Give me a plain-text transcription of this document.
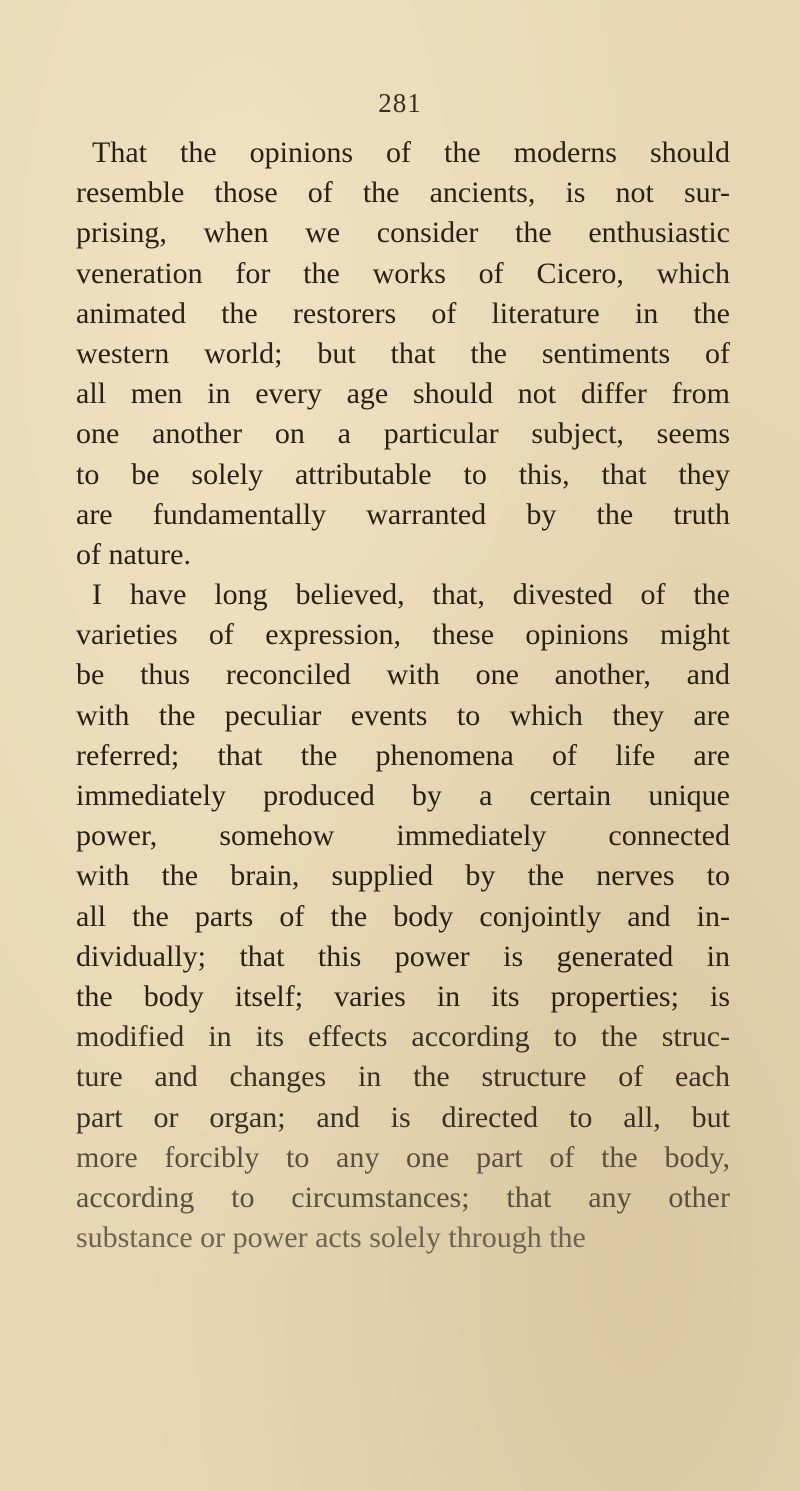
281
That the opinions of the moderns should
resemble those of the ancients, is not sur-
prising, when we consider the enthusiastic
veneration for the works of Cicero, which
animated the restorers of literature in the
western world; but that the sentiments of
all men in every age should not differ from
one another on a particular subject, seems
to be solely attributable to this, that they
are fundamentally warranted by the truth
of nature.
I have long believed, that, divested of the
varieties of expression, these opinions might
be thus reconciled with one another, and
with the peculiar events to which they are
referred; that the phenomena of life are
immediately produced by a certain unique
power, somehow immediately connected
with the brain, supplied by the nerves to
all the parts of the body conjointly and in-
dividually; that this power is generated in
the body itself; varies in its properties; is
modified in its effects according to the struc-
ture and changes in the structure of each
part or organ; and is directed to all, but
more forcibly to any one part of the body,
according to circumstances; that any other
substance or power acts solely through the
